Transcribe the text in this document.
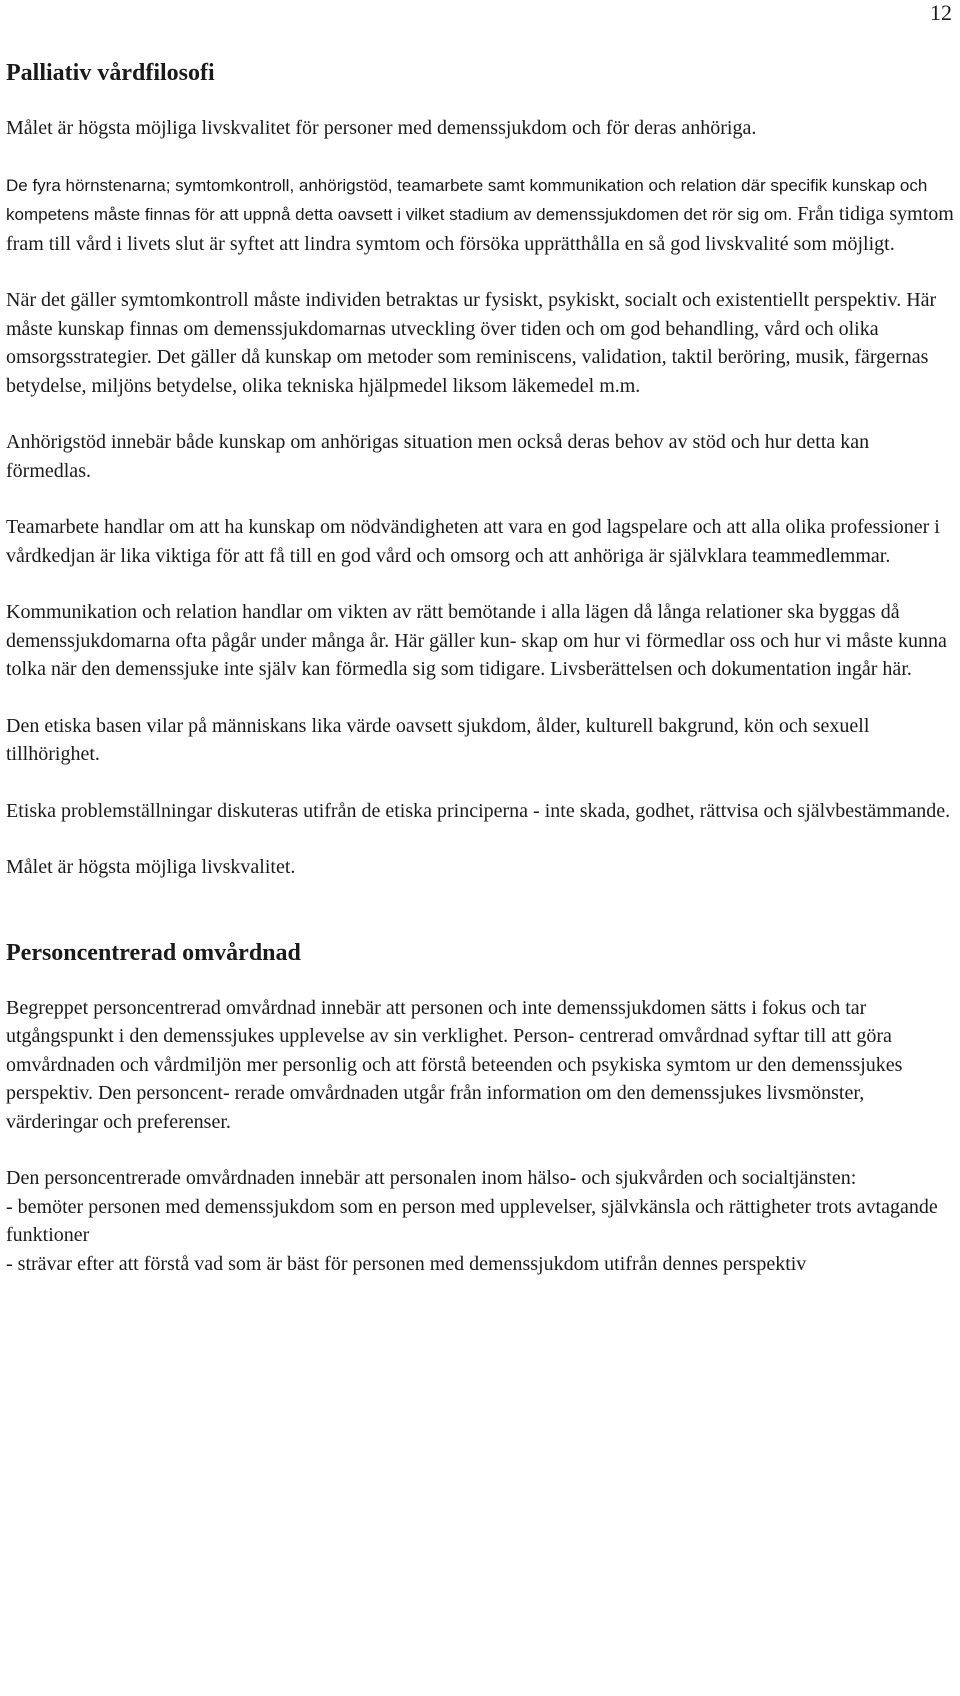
12
Palliativ vårdfilosofi

Målet är högsta möjliga livskvalitet för personer med demenssjukdom och för deras anhöriga.

De fyra hörnstenarna; symtomkontroll, anhörigstöd, teamarbete samt kommunikation och relation där specifik kunskap och kompetens måste finnas för att uppnå detta oavsett i vilket stadium av demenssjukdomen det rör sig om. Från tidiga symtom fram till vård i livets slut är syftet att lindra symtom och försöka upprätthålla en så god livskvalité som möjligt.

När det gäller symtomkontroll måste individen betraktas ur fysiskt, psykiskt, socialt och existentiellt perspektiv. Här måste kunskap finnas om demenssjukdomarnas utveckling över tiden och om god behandling, vård och olika omsorgsstrategier. Det gäller då kunskap om metoder som reminiscens, validation, taktil beröring, musik, färgernas betydelse, miljöns betydelse, olika tekniska hjälpmedel liksom läkemedel m.m.

Anhörigstöd innebär både kunskap om anhörigas situation men också deras behov av stöd och hur detta kan förmedlas.

Teamarbete handlar om att ha kunskap om nödvändigheten att vara en god lagspelare och att alla olika professioner i vårdkedjan är lika viktiga för att få till en god vård och omsorg och att anhöriga är självklara teammedlemmar.

Kommunikation och relation handlar om vikten av rätt bemötande i alla lägen då långa relationer ska byggas då demenssjukdomarna ofta pågår under många år. Här gäller kun- skap om hur vi förmedlar oss och hur vi måste kunna tolka när den demenssjuke inte själv kan förmedla sig som tidigare. Livsberättelsen och dokumentation ingår här.

Den etiska basen vilar på människans lika värde oavsett sjukdom, ålder, kulturell bakgrund, kön och sexuell tillhörighet.

Etiska problemställningar diskuteras utifrån de etiska principerna - inte skada, godhet, rättvisa och självbestämmande.

Målet är högsta möjliga livskvalitet.

Personcentrerad omvårdnad

Begreppet personcentrerad omvårdnad innebär att personen och inte demenssjukdomen sätts i fokus och tar utgångspunkt i den demenssjukes upplevelse av sin verklighet. Person- centrerad omvårdnad syftar till att göra omvårdnaden och vårdmiljön mer personlig och att förstå beteenden och psykiska symtom ur den demenssjukes perspektiv. Den personcent- rerade omvårdnaden utgår från information om den demenssjukes livsmönster, värderingar och preferenser.

Den personcentrerade omvårdnaden innebär att personalen inom hälso- och sjukvården och socialtjänsten:

- bemöter personen med demenssjukdom som en person med upplevelser, självkänsla och rättigheter trots avtagande funktioner

- strävar efter att förstå vad som är bäst för personen med demenssjukdom utifrån dennes perspektiv
